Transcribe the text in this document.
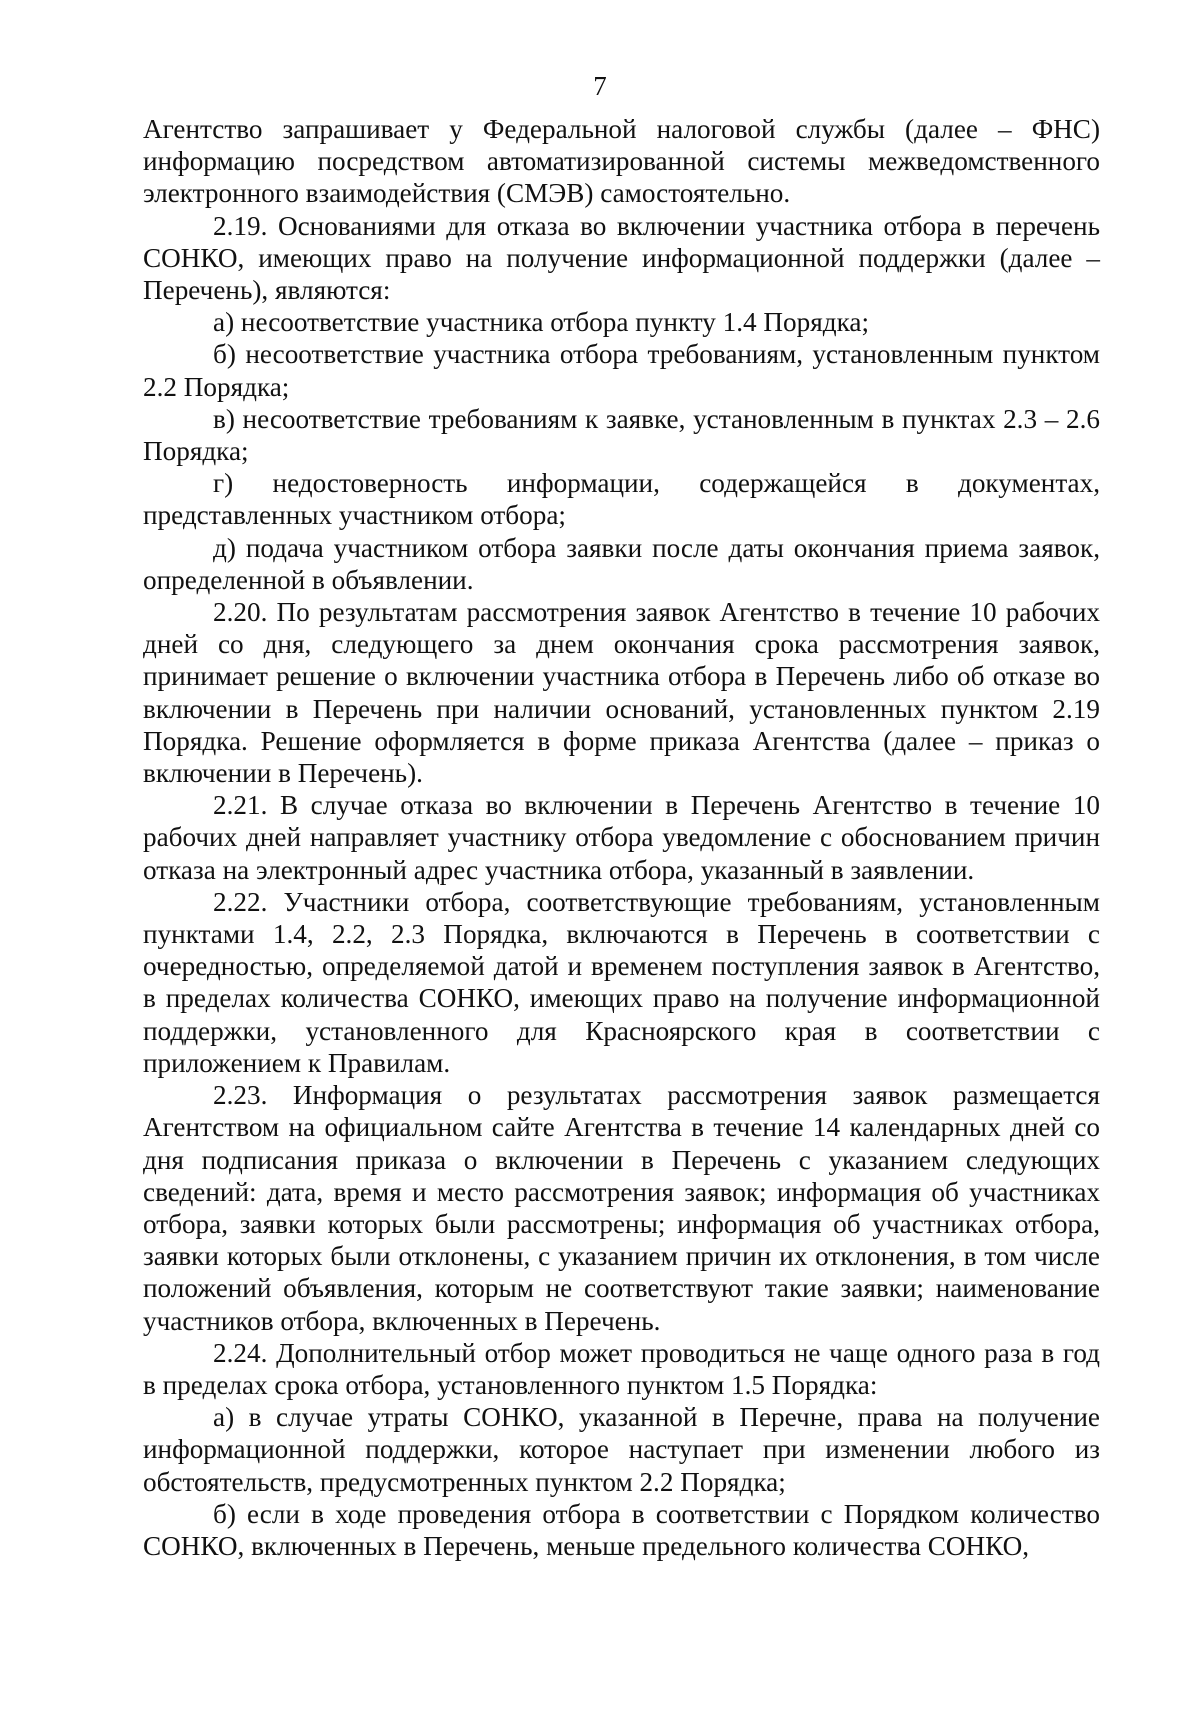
7

Агентство запрашивает у Федеральной налоговой службы (далее – ФНС) информацию посредством автоматизированной системы межведомственного электронного взаимодействия (СМЭВ) самостоятельно.

2.19. Основаниями для отказа во включении участника отбора в перечень СОНКО, имеющих право на получение информационной поддержки (далее – Перечень), являются:

а) несоответствие участника отбора пункту 1.4 Порядка;

б) несоответствие участника отбора требованиям, установленным пунктом 2.2 Порядка;

в) несоответствие требованиям к заявке, установленным в пунктах 2.3 – 2.6 Порядка;

г) недостоверность информации, содержащейся в документах, представленных участником отбора;

д) подача участником отбора заявки после даты окончания приема заявок, определенной в объявлении.

2.20. По результатам рассмотрения заявок Агентство в течение 10 рабочих дней со дня, следующего за днем окончания срока рассмотрения заявок, принимает решение о включении участника отбора в Перечень либо об отказе во включении в Перечень при наличии оснований, установленных пунктом 2.19 Порядка. Решение оформляется в форме приказа Агентства (далее – приказ о включении в Перечень).

2.21. В случае отказа во включении в Перечень Агентство в течение 10 рабочих дней направляет участнику отбора уведомление с обоснованием причин отказа на электронный адрес участника отбора, указанный в заявлении.

2.22. Участники отбора, соответствующие требованиям, установленным пунктами 1.4, 2.2, 2.3 Порядка, включаются в Перечень в соответствии с очередностью, определяемой датой и временем поступления заявок в Агентство, в пределах количества СОНКО, имеющих право на получение информационной поддержки, установленного для Красноярского края в соответствии с приложением к Правилам.

2.23. Информация о результатах рассмотрения заявок размещается Агентством на официальном сайте Агентства в течение 14 календарных дней со дня подписания приказа о включении в Перечень с указанием следующих сведений: дата, время и место рассмотрения заявок; информация об участниках отбора, заявки которых были рассмотрены; информация об участниках отбора, заявки которых были отклонены, с указанием причин их отклонения, в том числе положений объявления, которым не соответствуют такие заявки; наименование участников отбора, включенных в Перечень.

2.24. Дополнительный отбор может проводиться не чаще одного раза в год в пределах срока отбора, установленного пунктом 1.5 Порядка:

а) в случае утраты СОНКО, указанной в Перечне, права на получение информационной поддержки, которое наступает при изменении любого из обстоятельств, предусмотренных пунктом 2.2 Порядка;

б) если в ходе проведения отбора в соответствии с Порядком количество СОНКО, включенных в Перечень, меньше предельного количества СОНКО,
